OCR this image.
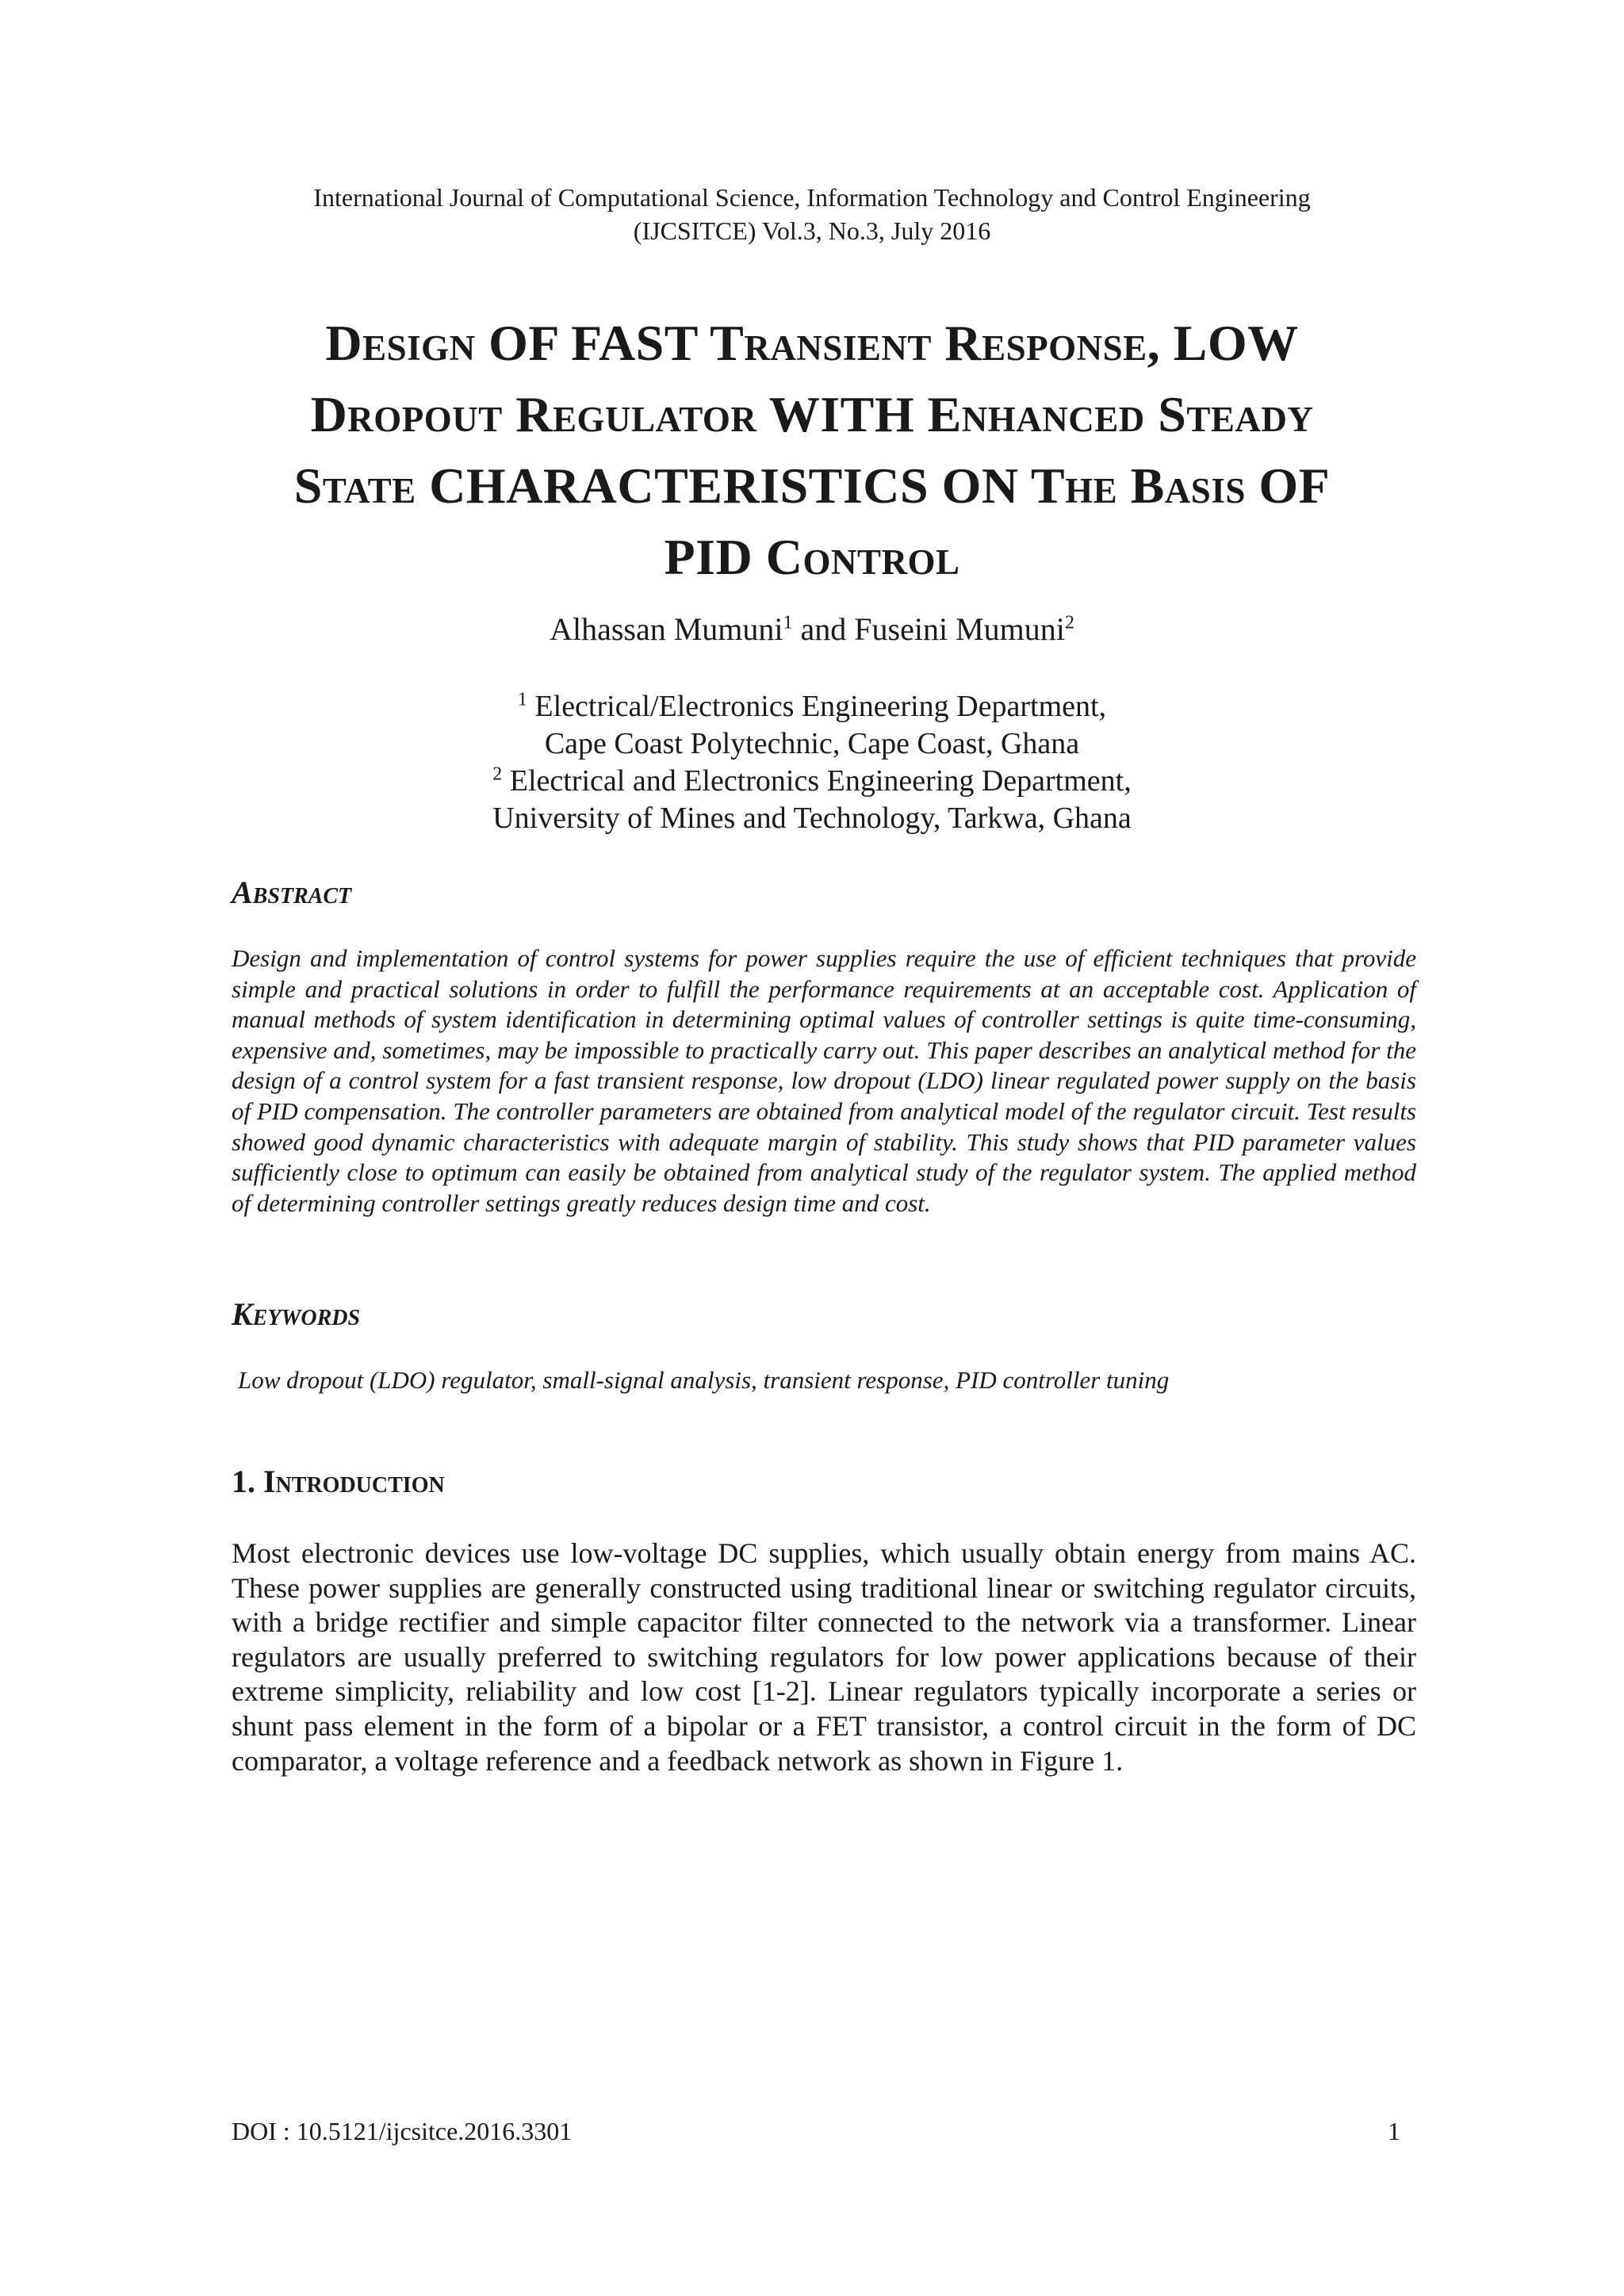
International Journal of Computational Science, Information Technology and Control Engineering
(IJCSITCE) Vol.3, No.3, July 2016
Design OF FAST Transient Response, LOW
Dropout Regulator WITH Enhanced Steady
State CHARACTERISTICS ON The Basis OF
PID Control
Alhassan Mumuni$^1$ and Fuseini Mumuni$^2$
$^1$ Electrical/Electronics Engineering Department,
Cape Coast Polytechnic, Cape Coast, Ghana
$^2$ Electrical and Electronics Engineering Department,
University of Mines and Technology, Tarkwa, Ghana
Abstract

Design and implementation of control systems for power supplies require the use of efficient techniques that provide simple and practical solutions in order to fulfill the performance requirements at an acceptable cost. Application of manual methods of system identification in determining optimal values of controller settings is quite time-consuming, expensive and, sometimes, may be impossible to practically carry out. This paper describes an analytical method for the design of a control system for a fast transient response, low dropout (LDO) linear regulated power supply on the basis of PID compensation. The controller parameters are obtained from analytical model of the regulator circuit. Test results showed good dynamic characteristics with adequate margin of stability. This study shows that PID parameter values sufficiently close to optimum can easily be obtained from analytical study of the regulator system. The applied method of determining controller settings greatly reduces design time and cost.

Keywords

Low dropout (LDO) regulator, small-signal analysis, transient response, PID controller tuning

1. Introduction

Most electronic devices use low-voltage DC supplies, which usually obtain energy from mains AC. These power supplies are generally constructed using traditional linear or switching regulator circuits, with a bridge rectifier and simple capacitor filter connected to the network via a transformer. Linear regulators are usually preferred to switching regulators for low power applications because of their extreme simplicity, reliability and low cost [1-2]. Linear regulators typically incorporate a series or shunt pass element in the form of a bipolar or a FET transistor, a control circuit in the form of DC comparator, a voltage reference and a feedback network as shown in Figure 1.

DOI : 10.5121/ijcsitce.2016.3301	1
